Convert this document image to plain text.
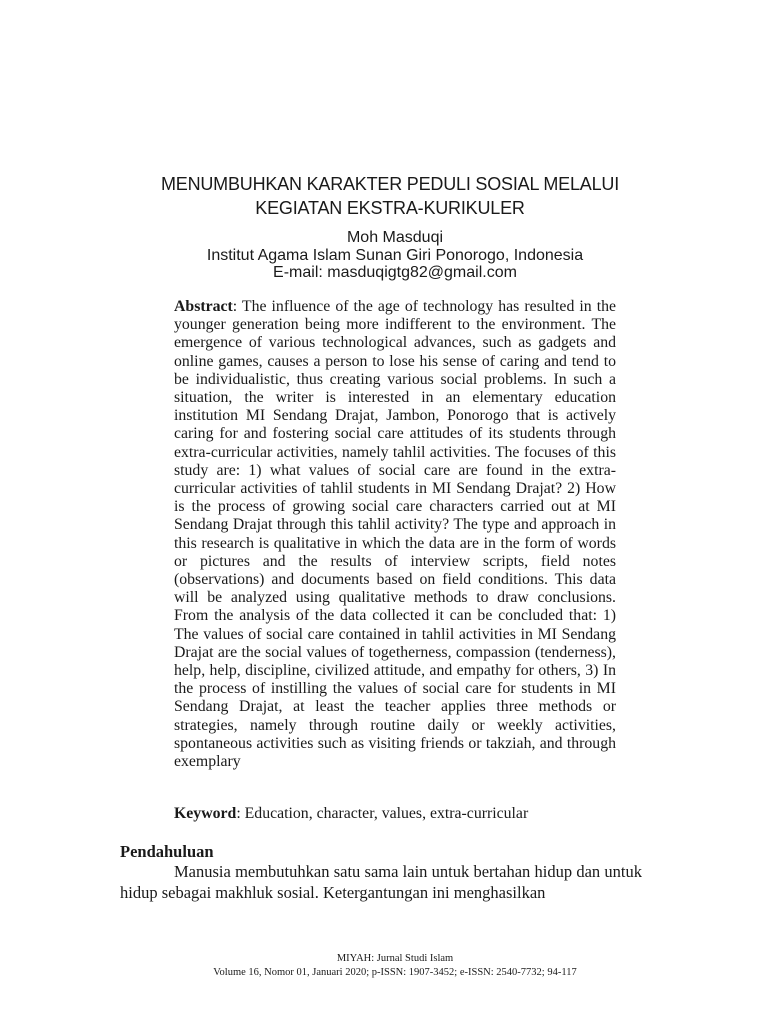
MENUMBUHKAN KARAKTER PEDULI SOSIAL MELALUI
KEGIATAN EKSTRA-KURIKULER
Moh Masduqi
Institut Agama Islam Sunan Giri Ponorogo, Indonesia
E-mail: masduqigtg82@gmail.com
Abstract: The influence of the age of technology has resulted in the younger generation being more indifferent to the environment. The emergence of various technological advances, such as gadgets and online games, causes a person to lose his sense of caring and tend to be individualistic, thus creating various social problems. In such a situation, the writer is interested in an elementary education institution MI Sendang Drajat, Jambon, Ponorogo that is actively caring for and fostering social care attitudes of its students through extra-curricular activities, namely tahlil activities. The focuses of this study are: 1) what values of social care are found in the extra-curricular activities of tahlil students in MI Sendang Drajat? 2) How is the process of growing social care characters carried out at MI Sendang Drajat through this tahlil activity? The type and approach in this research is qualitative in which the data are in the form of words or pictures and the results of interview scripts, field notes (observations) and documents based on field conditions. This data will be analyzed using qualitative methods to draw conclusions. From the analysis of the data collected it can be concluded that: 1) The values of social care contained in tahlil activities in MI Sendang Drajat are the social values of togetherness, compassion (tenderness), help, help, discipline, civilized attitude, and empathy for others, 3) In the process of instilling the values of social care for students in MI Sendang Drajat, at least the teacher applies three methods or strategies, namely through routine daily or weekly activities, spontaneous activities such as visiting friends or takziah, and through exemplary
Keyword: Education, character, values, extra-curricular
Pendahuluan
Manusia membutuhkan satu sama lain untuk bertahan hidup dan untuk hidup sebagai makhluk sosial. Ketergantungan ini menghasilkan
MIYAH: Jurnal Studi Islam
Volume 16, Nomor 01, Januari 2020; p-ISSN: 1907-3452; e-ISSN: 2540-7732; 94-117
